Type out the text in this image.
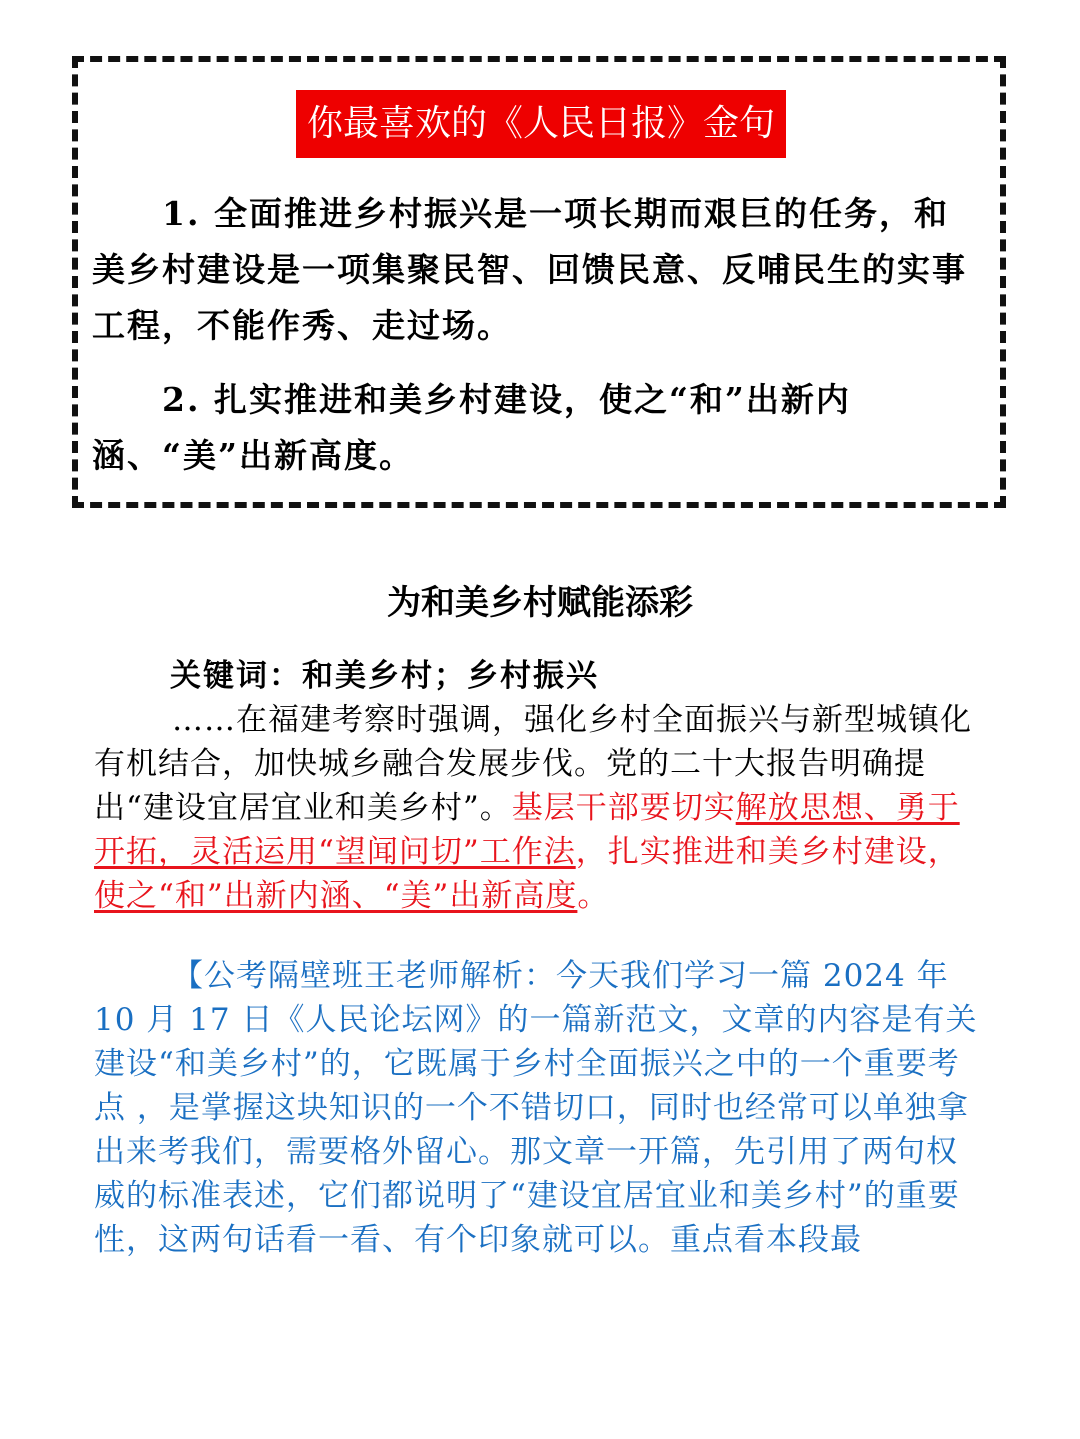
你最喜欢的《人民日报》金句
1. 全面推进乡村振兴是一项长期而艰巨的任务，和美乡村建设是一项集聚民智、回馈民意、反哺民生的实事工程，不能作秀、走过场。
2. 扎实推进和美乡村建设，使之“和”出新内涵、“美”出新高度。
为和美乡村赋能添彩
关键词：和美乡村；乡村振兴
……在福建考察时强调，强化乡村全面振兴与新型城镇化有机结合，加快城乡融合发展步伐。党的二十大报告明确提出“建设宜居宜业和美乡村”。基层干部要切实解放思想、勇于开拓，灵活运用“望闻问切”工作法，扎实推进和美乡村建设，使之“和”出新内涵、“美”出新高度。
【公考隔壁班王老师解析：今天我们学习一篇 2024 年 10 月 17 日《人民论坛网》的一篇新范文，文章的内容是有关建设“和美乡村”的，它既属于乡村全面振兴之中的一个重要考点 ，是掌握这块知识的一个不错切口，同时也经常可以单独拿出来考我们，需要格外留心。那文章一开篇，先引用了两句权威的标准表述，它们都说明了“建设宜居宜业和美乡村”的重要性，这两句话看一看、有个印象就可以。重点看本段最
